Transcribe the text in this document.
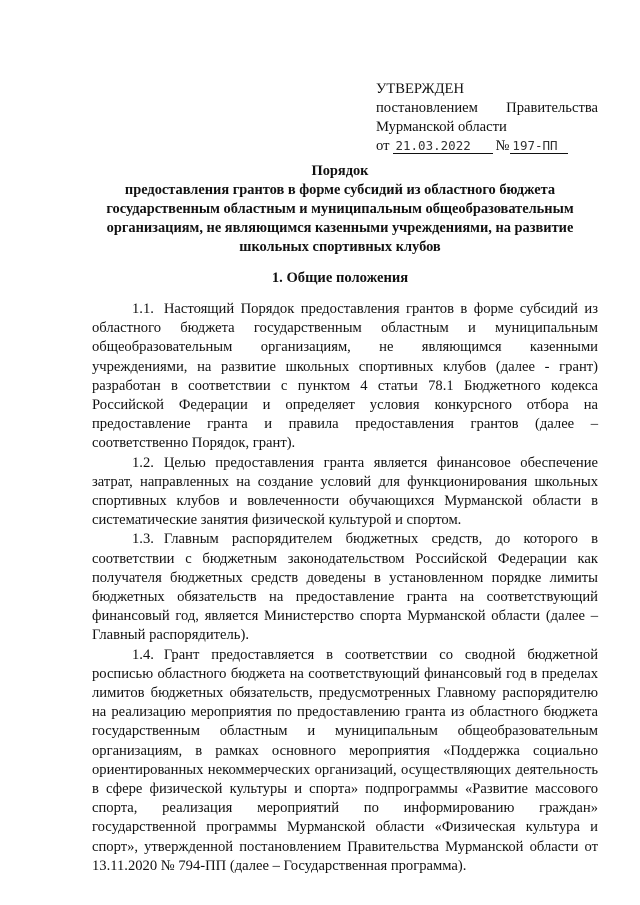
УТВЕРЖДЕН
постановлением Правительства
Мурманской области
от 21.03.2022	№ 197-ПП
Порядок
предоставления грантов в форме субсидий из областного бюджета
государственным областным и муниципальным общеобразовательным
организациям, не являющимся казенными учреждениями, на развитие
школьных спортивных клубов
1. Общие положения

1.1. Настоящий Порядок предоставления грантов в форме субсидий из областного бюджета государственным областным и муниципальным общеобразовательным организациям, не являющимся казенными учреждениями, на развитие школьных спортивных клубов (далее - грант) разработан в соответствии с пунктом 4 статьи 78.1 Бюджетного кодекса Российской Федерации и определяет условия конкурсного отбора на предоставление гранта и правила предоставления грантов (далее – соответственно Порядок, грант).

1.2. Целью предоставления гранта является финансовое обеспечение затрат, направленных на создание условий для функционирования школьных спортивных клубов и вовлеченности обучающихся Мурманской области в систематические занятия физической культурой и спортом.

1.3. Главным распорядителем бюджетных средств, до которого в соответствии с бюджетным законодательством Российской Федерации как получателя бюджетных средств доведены в установленном порядке лимиты бюджетных обязательств на предоставление гранта на соответствующий финансовый год, является Министерство спорта Мурманской области (далее – Главный распорядитель).

1.4. Грант предоставляется в соответствии со сводной бюджетной росписью областного бюджета на соответствующий финансовый год в пределах лимитов бюджетных обязательств, предусмотренных Главному распорядителю на реализацию мероприятия по предоставлению гранта из областного бюджета государственным областным и муниципальным общеобразовательным организациям, в рамках основного мероприятия «Поддержка социально ориентированных некоммерческих организаций, осуществляющих деятельность в сфере физической культуры и спорта» подпрограммы «Развитие массового спорта, реализация мероприятий по информированию граждан» государственной программы Мурманской области «Физическая культура и спорт», утвержденной постановлением Правительства Мурманской области от 13.11.2020 № 794-ПП (далее – Государственная программа).
